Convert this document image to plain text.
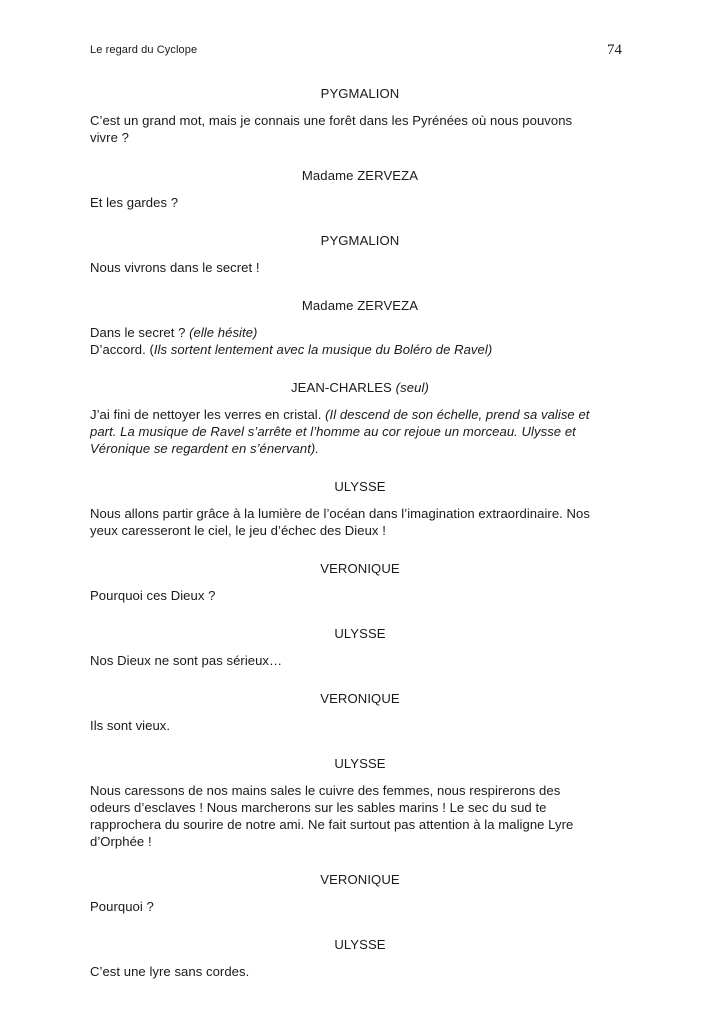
Le regard du Cyclope	74
PYGMALION

C’est un grand mot, mais je connais une forêt dans les Pyrénées où nous pouvons

vivre ?

Madame ZERVEZA

Et les gardes ?

PYGMALION

Nous vivrons dans le secret !

Madame ZERVEZA

Dans le secret ? (elle hésite)

D’accord. (Ils sortent lentement avec la musique du Boléro de Ravel)

JEAN-CHARLES (seul)

J’ai fini de nettoyer les verres en cristal. (Il descend de son échelle, prend sa valise et

part. La musique de Ravel s’arrête et l’homme au cor rejoue un morceau. Ulysse et

Véronique se regardent en s’énervant).

ULYSSE

Nous allons partir grâce à la lumière de l’océan dans l’imagination extraordinaire. Nos

yeux caresseront le ciel, le jeu d’échec des Dieux !

VERONIQUE

Pourquoi ces Dieux ?

ULYSSE

Nos Dieux ne sont pas sérieux…

VERONIQUE

Ils sont vieux.

ULYSSE

Nous caressons de nos mains sales le cuivre des femmes, nous respirerons des

odeurs d’esclaves ! Nous marcherons sur les sables marins ! Le sec du sud te

rapprochera du sourire de notre ami. Ne fait surtout pas attention à la maligne Lyre

d’Orphée !

VERONIQUE

Pourquoi ?

ULYSSE

C’est une lyre sans cordes.
